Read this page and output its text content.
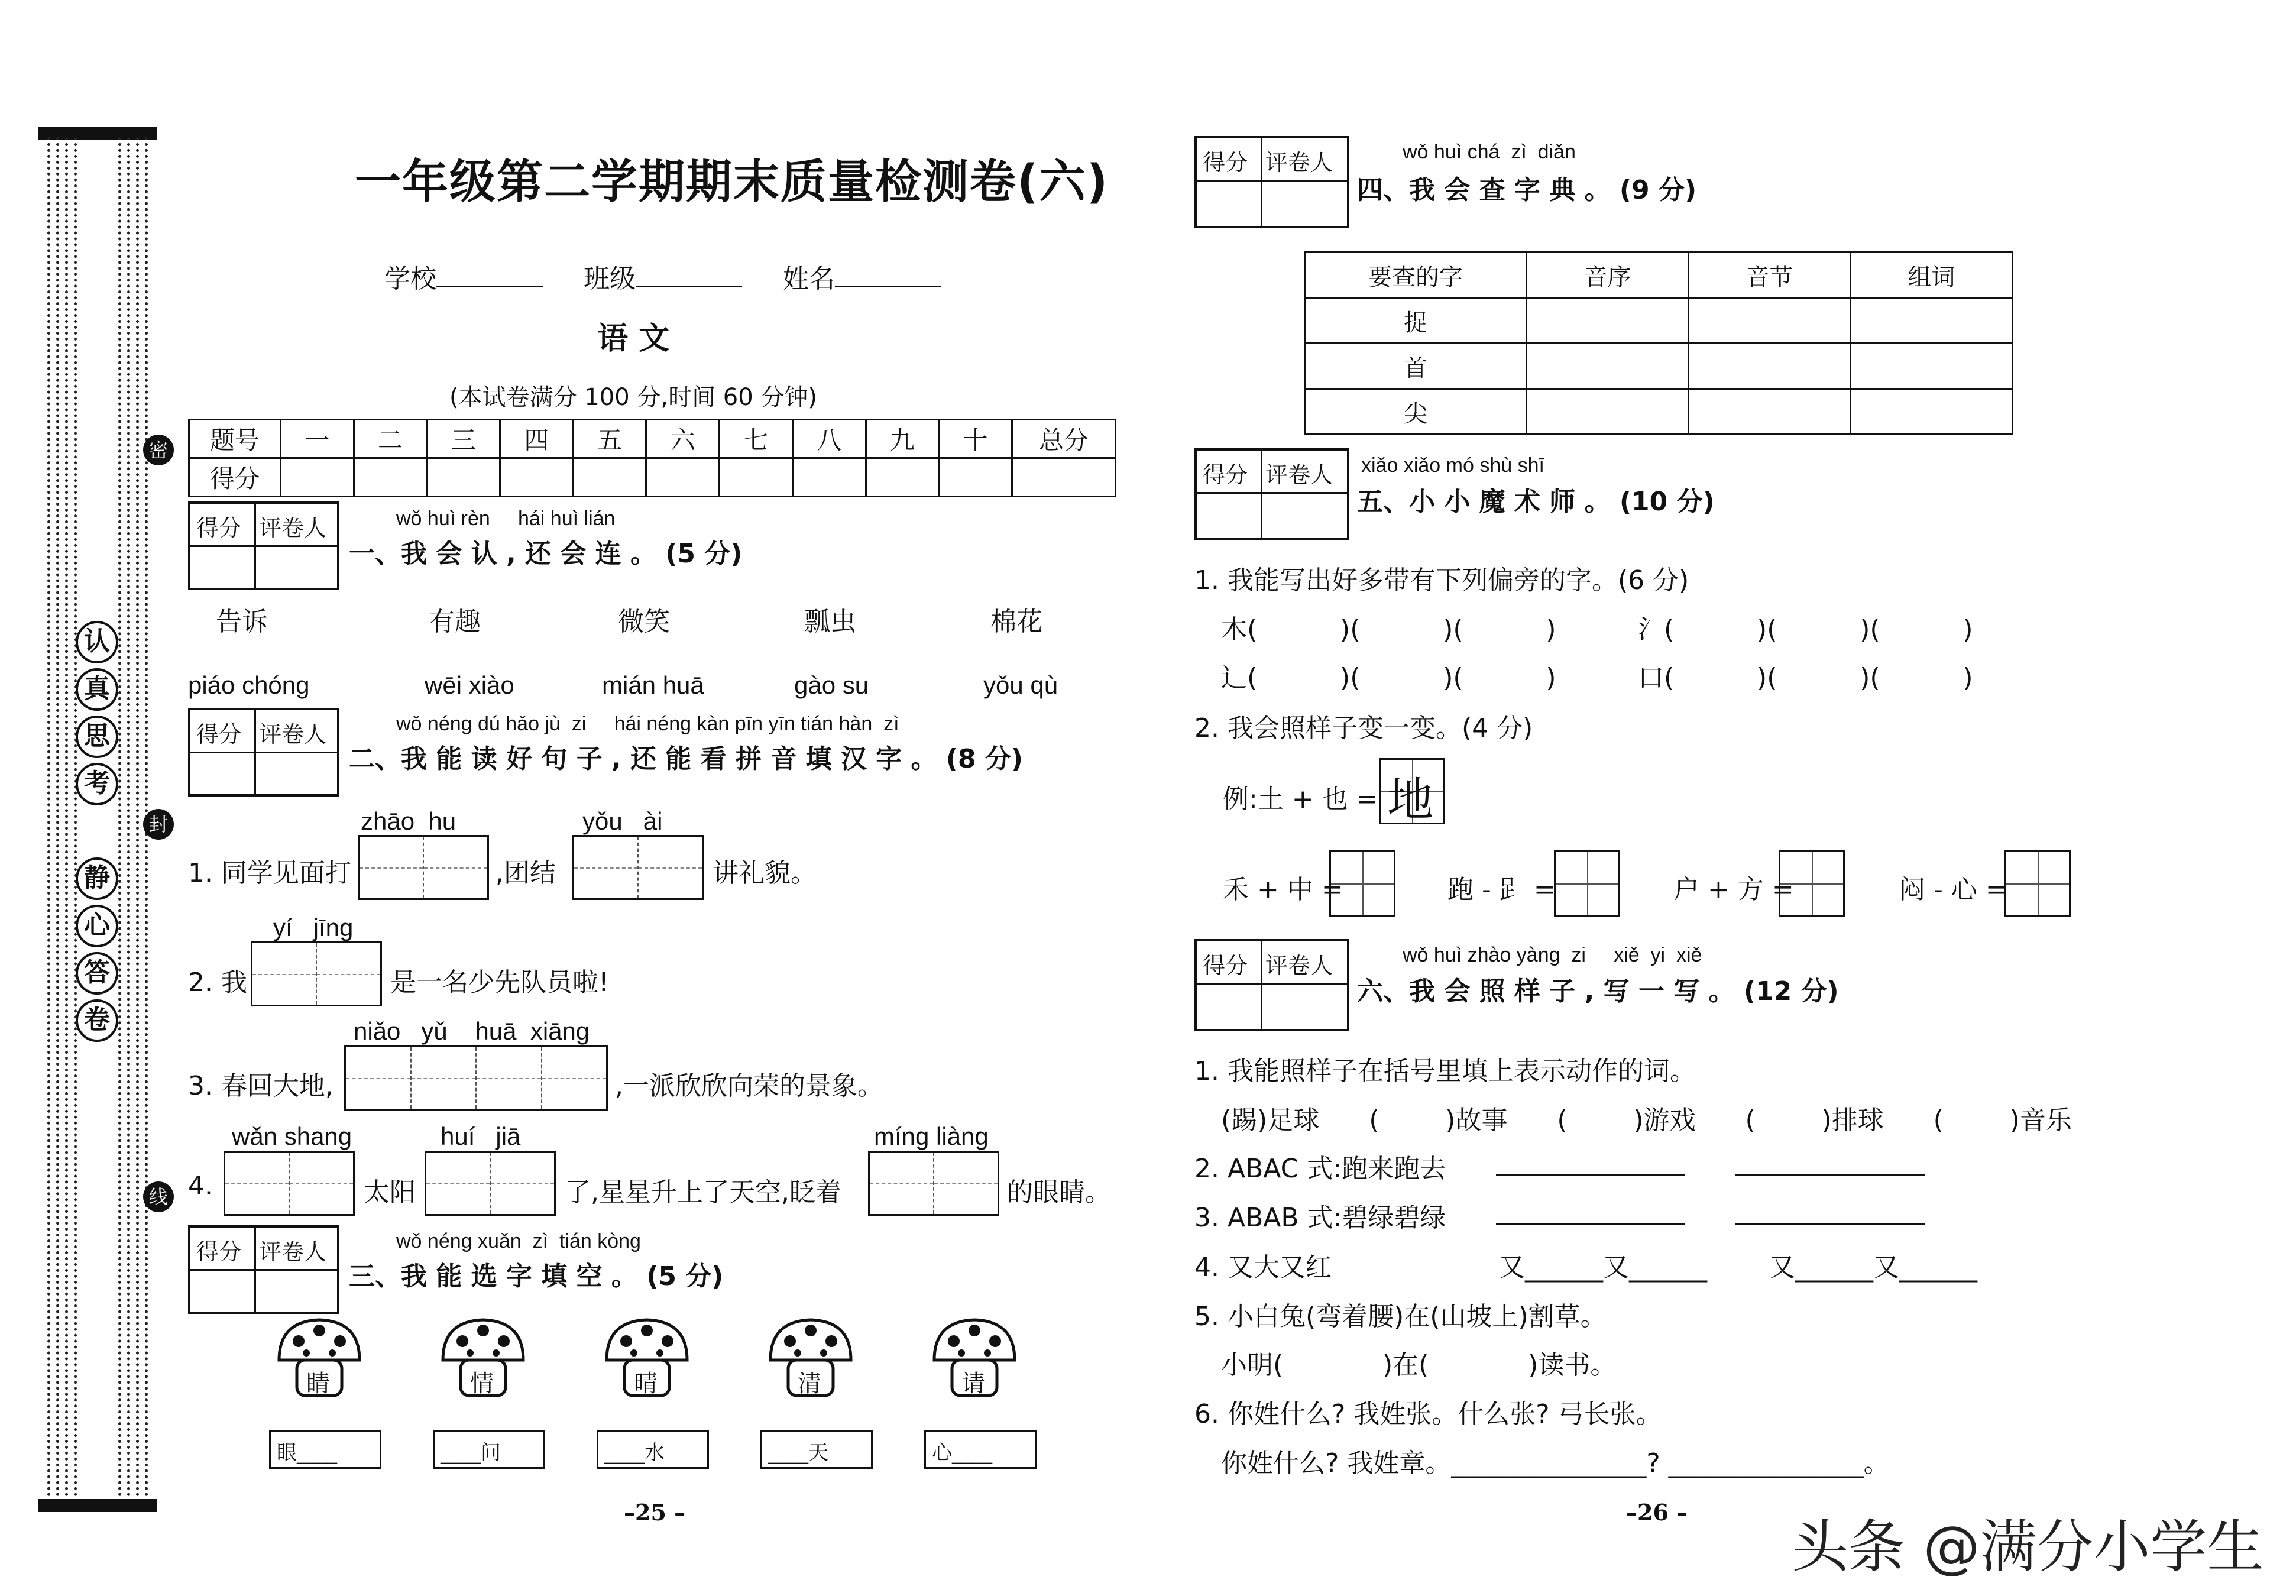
密
封
线
认
真
思
考
静
心
答
卷
一年级第二学期期末质量检测卷(六)
学校	班级	姓名
语 文
(本试卷满分 100 分,时间 60 分钟)
题号	一	二	三	四	五	六	七	八	九	十	总分
得分											
得分 评卷人	wǒ huì rèn     hái huì lián
一、我 会 认 , 还 会 连 。 (5 分)
告诉	有趣	微笑	瓢虫	棉花
piáo chóng	wēi xiào	mián huā	gào su	yǒu qù
得分 评卷人	wǒ néng dú hǎo jù  zi     hái néng kàn pīn yīn tián hàn  zì
二、我 能 读 好 句 子 , 还 能 看 拼 音 填 汉 字 。 (8 分)
1. 同学见面打
zhāo  hu
,团结
yǒu   ài
讲礼貌。
2. 我
yí   jīng
是一名少先队员啦!
3. 春回大地,
niǎo   yǔ    huā  xiāng
,一派欣欣向荣的景象。
4.
wǎn shang
太阳
huí   jiā
了,星星升上了天空,眨着
míng liàng
的眼睛。
得分 评卷人	wǒ néng xuǎn  zì  tián kòng
三、我 能 选 字 填 空 。 (5 分)
睛	情	晴	清	请
眼____	____问	____水	____天	心____
–25 –
得分 评卷人	wǒ huì chá  zì  diǎn
四、我 会 查 字 典 。 (9 分)
要查的字	音序	音节	组词
捉			
首			
尖			
得分 评卷人 xiǎo xiǎo mó shù shī
五、小 小 魔 术 师 。 (10 分)
1. 我能写出好多带有下列偏旁的字。(6 分)
木(          )(          )(          )	氵(          )(          )(          )
辶(          )(          )(          )	口(          )(          )(          )
2. 我会照样子变一变。(4 分)
例:土 + 也 = 地
禾 + 中 =	跑 - 𧾷 =	户 + 方 =	闷 - 心 =
得分 评卷人	wǒ huì zhào yàng  zi     xiě  yi  xiě
六、我 会 照 样 子 , 写 一 写 。 (12 分)
1. 我能照样子在括号里填上表示动作的词。
(踢)足球      (        )故事      (        )游戏      (        )排球      (        )音乐
2. ABAC 式:跑来跑去
3. ABAB 式:碧绿碧绿
4. 又大又红	又______又______ 又______又______
5. 小白兔(弯着腰)在(山坡上)割草。
小明(            )在(            )读书。
6. 你姓什么? 我姓张。什么张? 弓长张。
你姓什么? 我姓章。_______________? _______________。
–26 –
头条 @满分小学生
